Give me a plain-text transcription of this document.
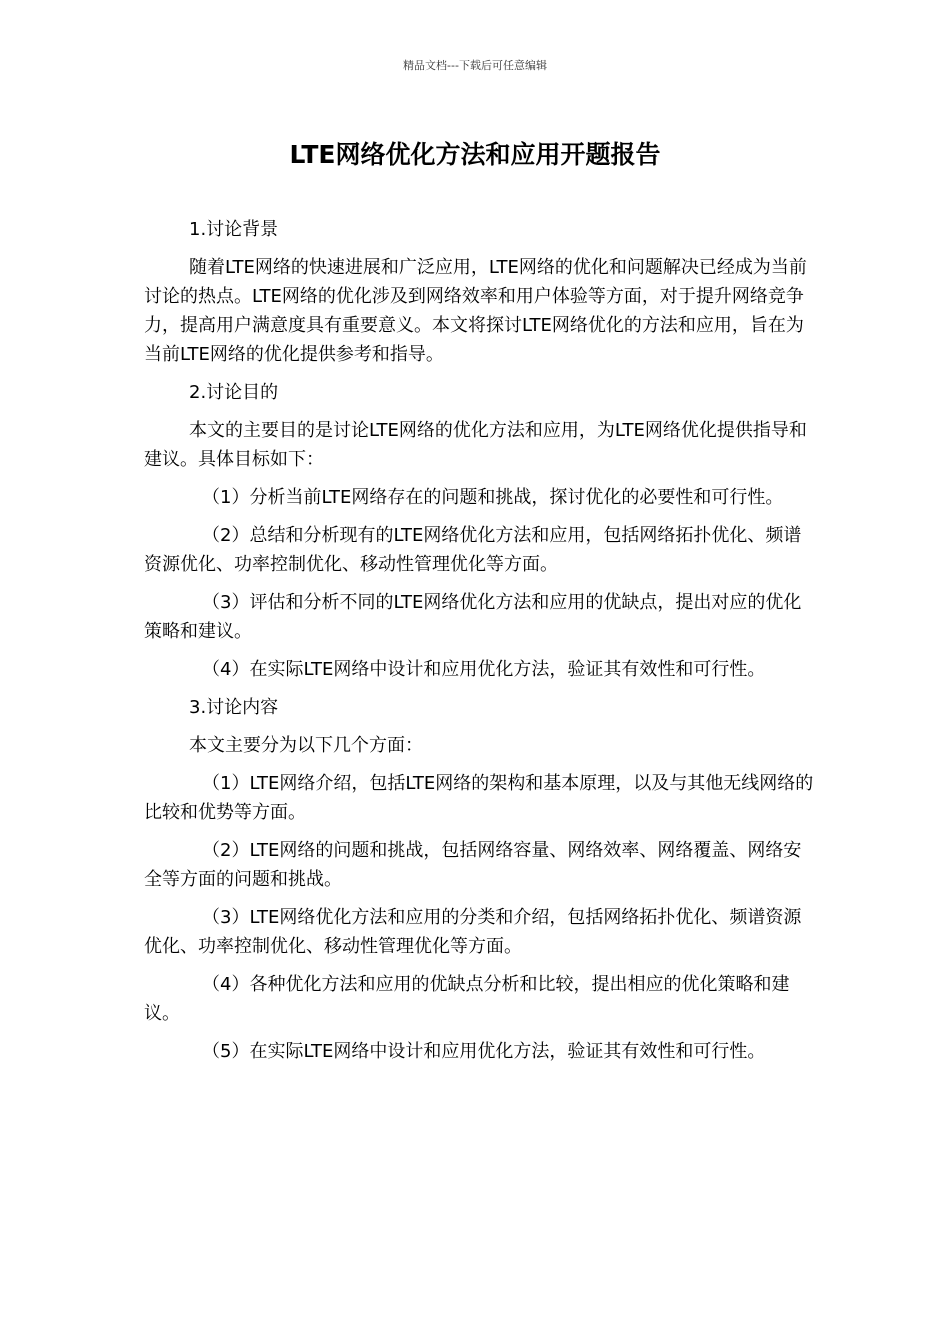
精品文档---下载后可任意编辑
LTE网络优化方法和应用开题报告

1.讨论背景

随着LTE网络的快速进展和广泛应用，LTE网络的优化和问题解决已经成为当前讨论的热点。LTE网络的优化涉及到网络效率和用户体验等方面，对于提升网络竞争力，提高用户满意度具有重要意义。本文将探讨LTE网络优化的方法和应用，旨在为当前LTE网络的优化提供参考和指导。

2.讨论目的

本文的主要目的是讨论LTE网络的优化方法和应用，为LTE网络优化提供指导和建议。具体目标如下：

（1）分析当前LTE网络存在的问题和挑战，探讨优化的必要性和可行性。

（2）总结和分析现有的LTE网络优化方法和应用，包括网络拓扑优化、频谱资源优化、功率控制优化、移动性管理优化等方面。

（3）评估和分析不同的LTE网络优化方法和应用的优缺点，提出对应的优化策略和建议。

（4）在实际LTE网络中设计和应用优化方法，验证其有效性和可行性。

3.讨论内容

本文主要分为以下几个方面：

（1）LTE网络介绍，包括LTE网络的架构和基本原理，以及与其他无线网络的比较和优势等方面。

（2）LTE网络的问题和挑战，包括网络容量、网络效率、网络覆盖、网络安全等方面的问题和挑战。

（3）LTE网络优化方法和应用的分类和介绍，包括网络拓扑优化、频谱资源优化、功率控制优化、移动性管理优化等方面。

（4）各种优化方法和应用的优缺点分析和比较，提出相应的优化策略和建议。

（5）在实际LTE网络中设计和应用优化方法，验证其有效性和可行性。
